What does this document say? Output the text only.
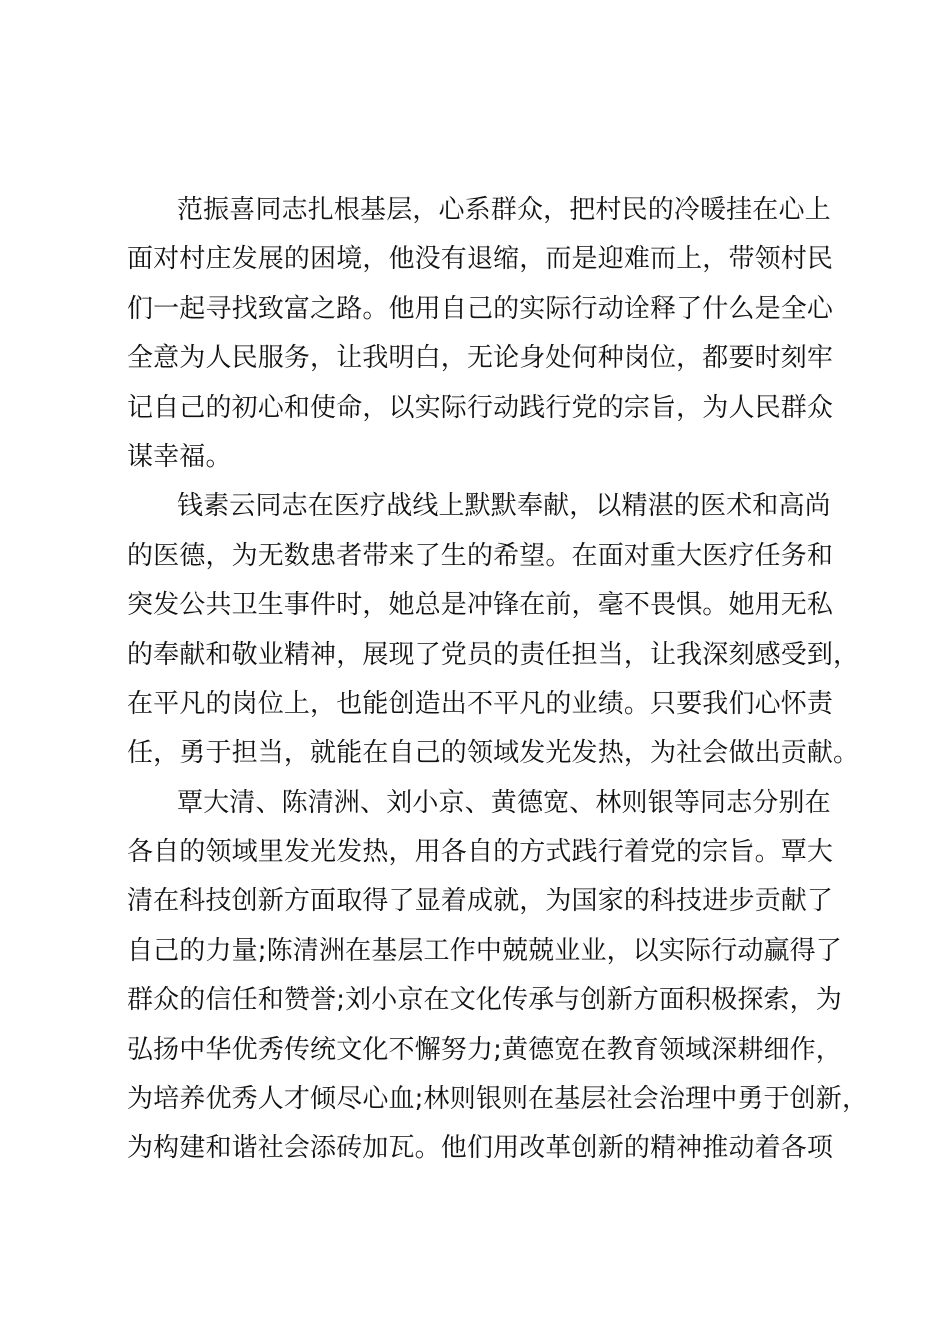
范振喜同志扎根基层，心系群众，把村民的冷暖挂在心上
面对村庄发展的困境，他没有退缩，而是迎难而上，带领村民
们一起寻找致富之路。他用自己的实际行动诠释了什么是全心
全意为人民服务，让我明白，无论身处何种岗位，都要时刻牢
记自己的初心和使命，以实际行动践行党的宗旨，为人民群众
谋幸福。
钱素云同志在医疗战线上默默奉献，以精湛的医术和高尚
的医德，为无数患者带来了生的希望。在面对重大医疗任务和
突发公共卫生事件时，她总是冲锋在前，毫不畏惧。她用无私
的奉献和敬业精神，展现了党员的责任担当，让我深刻感受到，
在平凡的岗位上，也能创造出不平凡的业绩。只要我们心怀责
任，勇于担当，就能在自己的领域发光发热，为社会做出贡献。
覃大清、陈清洲、刘小京、黄德宽、林则银等同志分别在
各自的领域里发光发热，用各自的方式践行着党的宗旨。覃大
清在科技创新方面取得了显着成就，为国家的科技进步贡献了
自己的力量;陈清洲在基层工作中兢兢业业，以实际行动赢得了
群众的信任和赞誉;刘小京在文化传承与创新方面积极探索，为
弘扬中华优秀传统文化不懈努力;黄德宽在教育领域深耕细作，
为培养优秀人才倾尽心血;林则银则在基层社会治理中勇于创新，
为构建和谐社会添砖加瓦。他们用改革创新的精神推动着各项
